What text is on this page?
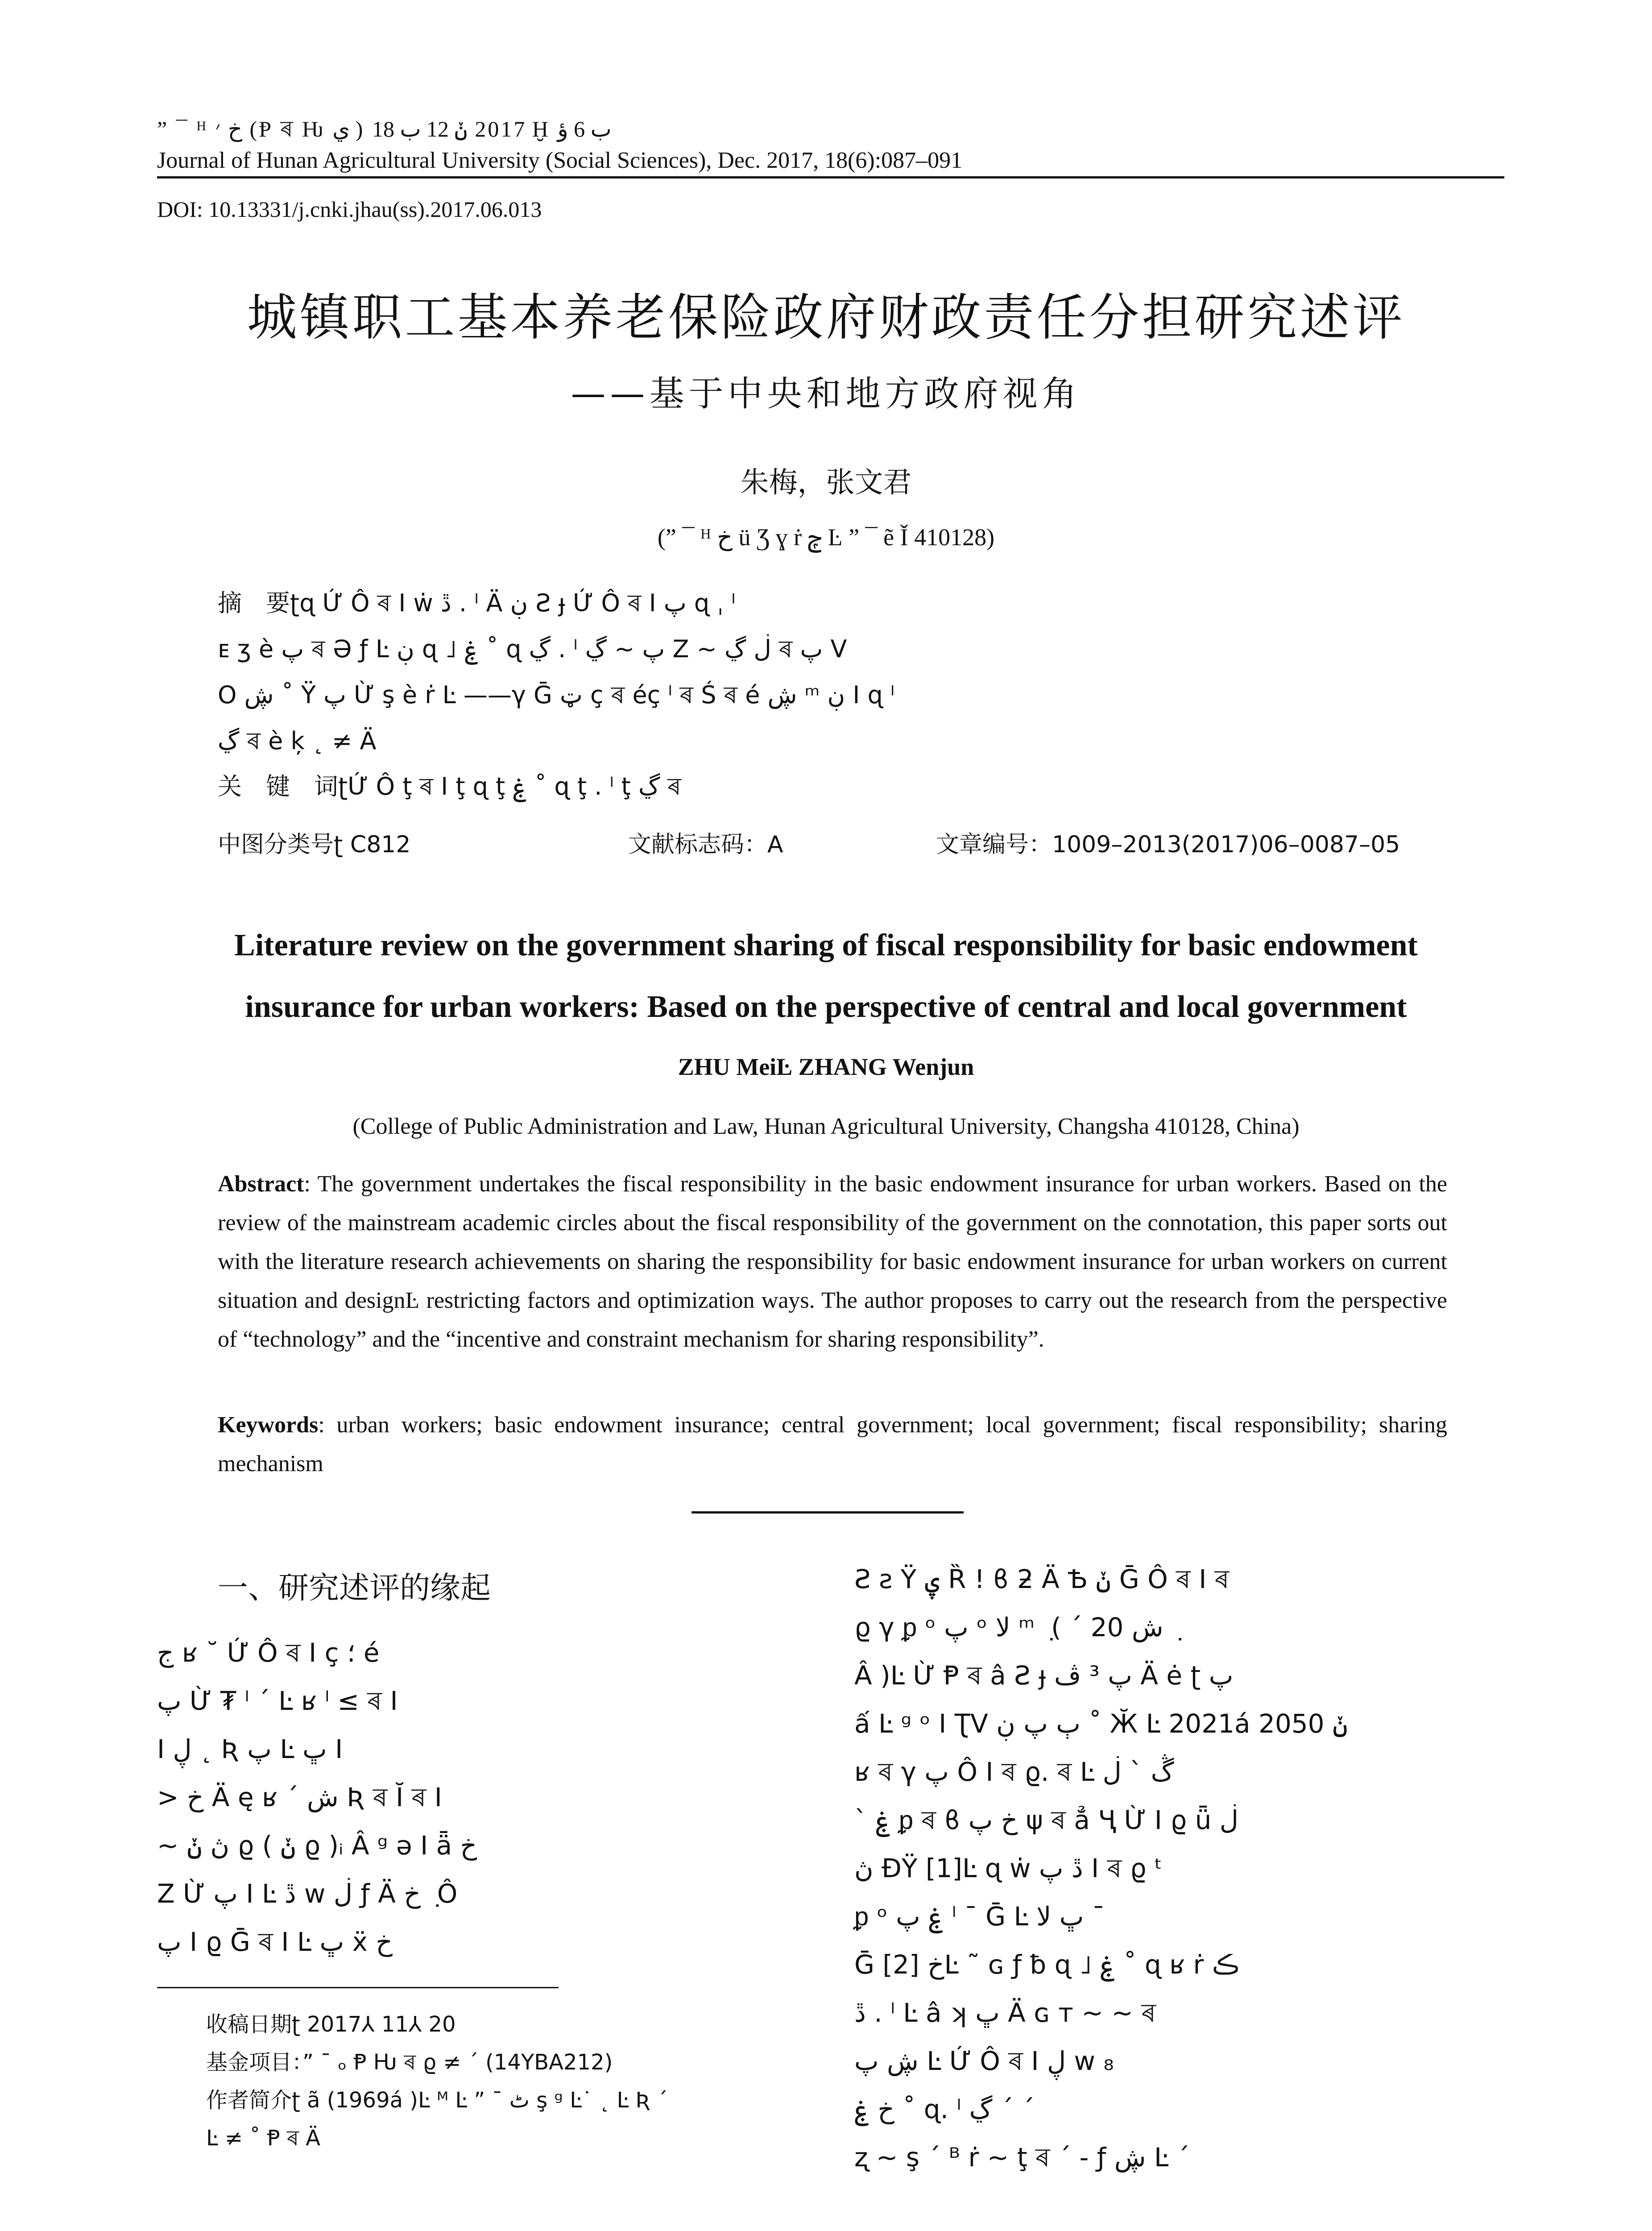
” ¯ ᴴ خ ׳ (Ᵽ ৰ Ƕ ي ) 2017 ݩ 12 ب 18 Ḫ ب 6 ؤ
Journal of Hunan Agricultural University (Social Sciences), Dec. 2017, 18(6):087–091
DOI: 10.13331/j.cnki.jhau(ss).2017.06.013
城镇职工基本养老保险政府财政责任分担研究述评
——基于中央和地方政府视角
朱梅，张文君
(” ¯ ᴴ خ ü Ʒ ɣ ṙ ݼ Ŀ ” ¯ ẽ Ǐ 410128)
摘　要ʈɋ Ứ Ô ৰ I ẇ ڐ . ˡ Ä ڹ Ƨ ɟ Ứ Ô ৰ I پ ɋ ˌ ˡ
ᴇ ʒ è پ ৰ Ə ƒ Ŀ ڹ ɋ ˩ ۼ ˚ ɋ ڲ . ˡ پ ~ ڲ Ζ ~ ڶ ڲ ৰ پ V
Ο ڜ ˚ Ÿ پ Ừ ş è ṙ Ŀ ——γ Ḡ ټ ç ৰ éç ˡ ৰ Ś ৰ é ڜ ᵐ ڹ I ɋ ˡ
ڲ ৰ è ķ ˛ ≠ Ä
关　键　词ʈỨ Ô ţ ৰ I ţ ɋ ţ ۼ ˚ ɋ ţ . ˡ ţ ڲ ৰ
中图分类号ʈ C812	文献标志码：A	文章编号：1009–2013(2017)06–0087–05
Literature review on the government sharing of fiscal responsibility for basic endowment
insurance for urban workers: Based on the perspective of central and local government
ZHU MeiĿ ZHANG Wenjun
(College of Public Administration and Law, Hunan Agricultural University, Changsha 410128, China)
Abstract: The government undertakes the fiscal responsibility in the basic endowment insurance for urban workers. Based on the review of the mainstream academic circles about the fiscal responsibility of the government on the connotation, this paper sorts out with the literature research achievements on sharing the responsibility for basic endowment insurance for urban workers on current situation and designĿ restricting factors and optimization ways. The author proposes to carry out the research from the perspective of “technology” and the “incentive and constraint mechanism for sharing responsibility”.
Keywords: urban workers; basic endowment insurance; central government; local government; fiscal responsibility; sharing mechanism
一、研究述评的缘起
ج ʁ ˘ Ứ Ô ৰ I ç ؛ é
پ Ừ ₮ ˡ ˊ Ŀ ʁ ˡ ≤ ৰ I
I ڸ ˛ Ʀ پ Ŀ ڀ I
> خ Ä ę ʁ ˊ ش Ʀ ৰ Ĭ ৰ I
~ ڽ ݩ ϱ ( ݩ ϱ )ᵢ Â ᵍ ə I ǟ خ
Ζ Ừ پ I Ŀ ڐ w ڶ ƒ Ä خ ݂ Ô
پ I ϱ Ḡ ৰ I Ŀ ڀ ẍ خ
Ƨ ƨ Ÿ ۑ Ȑ ! ϐ ƻ Ä Ѣ ݩ Ḡ Ô ৰ I ৰ
ϱ γ ᵱ ᵒ پ ᵒ ﻻ ᵐ ݂ ( ˊ ش 20 ݂
Â )Ŀ Ừ Ᵽ ৰ â Ƨ ɟ پ ³ ڤ Ä ė ʈ پ
ấ Ŀ ᵍ ᵒ I ƮV ٻ پ ڹ ˚ Ӂ Ŀ 2021á 2050 ݩ
ʁ ৰ γ پ Ô I ৰ ϱ. ৰ Ŀ ڴ ˋ ڶ
ˋ ۼ ᵱ ৰ ϐ خ پ ψ ৰ ẳ Ҷ Ừ I ϱ ǖ ڶ
ڽ ƉŸ [1]Ŀ ɋ ẇ ڐ پ I ৰ ϱ ᵗ
ᵱ ᵒ ۼ پ ˡ ¯ Ḡ Ŀ ڀ ﻻ ¯
Ḡ خ [2]Ŀ ˜ ɢ ƒ ƀ ɋ ˩ ۼ ˚ ɋ ʁ ṙ ڪ
ڐ . ˡ Ŀ â ʞ ڀ Ä ɢ ᴛ ~ ~ ৰ
ڜ پ Ŀ Ứ Ô ৰ I ڸ w ₈
خ ۼ ˚ ɋ. ˡ ڲ ˊ ˊ
ʐ ~ ş ˊ ᴮ ṙ ~ ţ ৰ ˊ - ƒ ڜ Ŀ ˊ
收稿日期ʈ 2017⅄ 11⅄ 20
基金项目：” ¯ ₒ Ᵽ Ƕ ৰ ϱ ≠ ˊ (14YBA212)
作者简介ʈ ã (1969á )Ŀ ᴹ Ŀ ” ¯ ٹ ş ᵍ Ŀ˙ ˛ Ŀ Ʀ ˊ
Ŀ ≠ ˚ Ᵽ ৰ Ä
